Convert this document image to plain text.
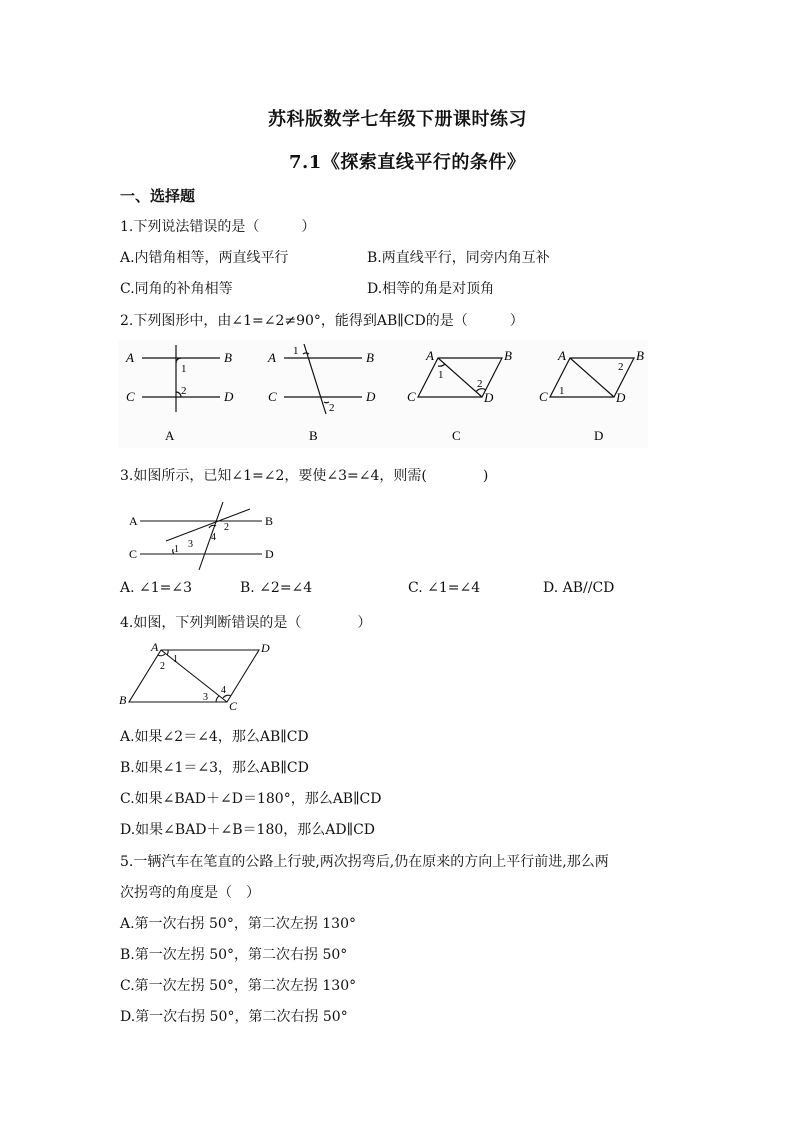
苏科版数学七年级下册课时练习
7.1《探索直线平行的条件》
一、选择题
1.下列说法错误的是（　　　）
A.内错角相等，两直线平行	B.两直线平行，同旁内角互补
C.同角的补角相等	D.相等的角是对顶角
2.下列图形中，由∠1=∠2≠90°，能得到AB∥CD的是（　　　）
A	B
C	D
1
2
A
A	B
C	D
1
2
B
A	B
C	D
1
2
C
A	B
C	D
1
2
D
3.如图所示，已知∠1=∠2，要使∠3=∠4，则需(　　　　)
A	B
C	D
2
4
3
1
A. ∠1=∠3	B. ∠2=∠4	C. ∠1=∠4	D. AB//CD
4.如图，下列判断错误的是（　　　　）
A	D
B	C
1
2
3
4
A.如果∠2＝∠4，那么AB∥CD
B.如果∠1＝∠3，那么AB∥CD
C.如果∠BAD＋∠D＝180°，那么AB∥CD
D.如果∠BAD＋∠B＝180，那么AD∥CD
5.一辆汽车在笔直的公路上行驶,两次拐弯后,仍在原来的方向上平行前进,那么两
次拐弯的角度是（　）
A.第一次右拐 50°，第二次左拐 130°
B.第一次左拐 50°，第二次右拐 50°
C.第一次左拐 50°，第二次左拐 130°
D.第一次右拐 50°，第二次右拐 50°
